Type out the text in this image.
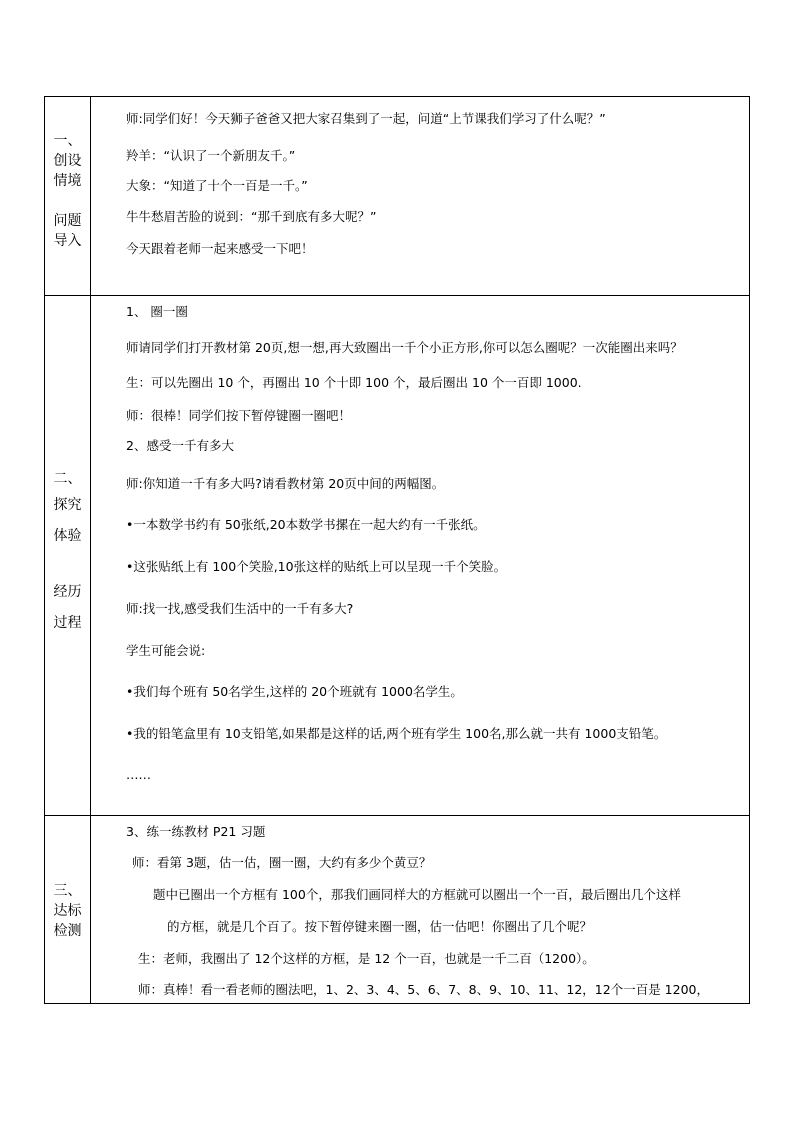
一、
创设
情境
问题
导入
师:同学们好！今天狮子爸爸又把大家召集到了一起，问道“上节课我们学习了什么呢？”
羚羊：“认识了一个新朋友千。”
大象：“知道了十个一百是一千。”
牛牛愁眉苦脸的说到：“那千到底有多大呢？”
今天跟着老师一起来感受一下吧！
二、
探究
体验
经历
过程
1、 圈一圈
师请同学们打开教材第 20页,想一想,再大致圈出一千个小正方形,你可以怎么圈呢？一次能圈出来吗？
生：可以先圈出 10 个，再圈出 10 个十即 100 个，最后圈出 10 个一百即 1000.
师：很棒！同学们按下暂停键圈一圈吧！
2、感受一千有多大
师:你知道一千有多大吗?请看教材第 20页中间的两幅图。
•一本数学书约有 50张纸,20本数学书摞在一起大约有一千张纸。
•这张贴纸上有 100个笑脸,10张这样的贴纸上可以呈现一千个笑脸。
师:找一找,感受我们生活中的一千有多大?
学生可能会说:
•我们每个班有 50名学生,这样的 20个班就有 1000名学生。
•我的铅笔盒里有 10支铅笔,如果都是这样的话,两个班有学生 100名,那么就一共有 1000支铅笔。
……
三、
达标
检测
3、练一练教材 P21 习题
师：看第 3题，估一估，圈一圈，大约有多少个黄豆？
题中已圈出一个方框有 100个，那我们画同样大的方框就可以圈出一个一百，最后圈出几个这样
的方框，就是几个百了。按下暂停键来圈一圈，估一估吧！你圈出了几个呢？
生：老师，我圈出了 12个这样的方框，是 12 个一百，也就是一千二百（1200）。
师：真棒！看一看老师的圈法吧，1、2、3、4、5、6、7、8、9、10、11、12，12个一百是 1200，
